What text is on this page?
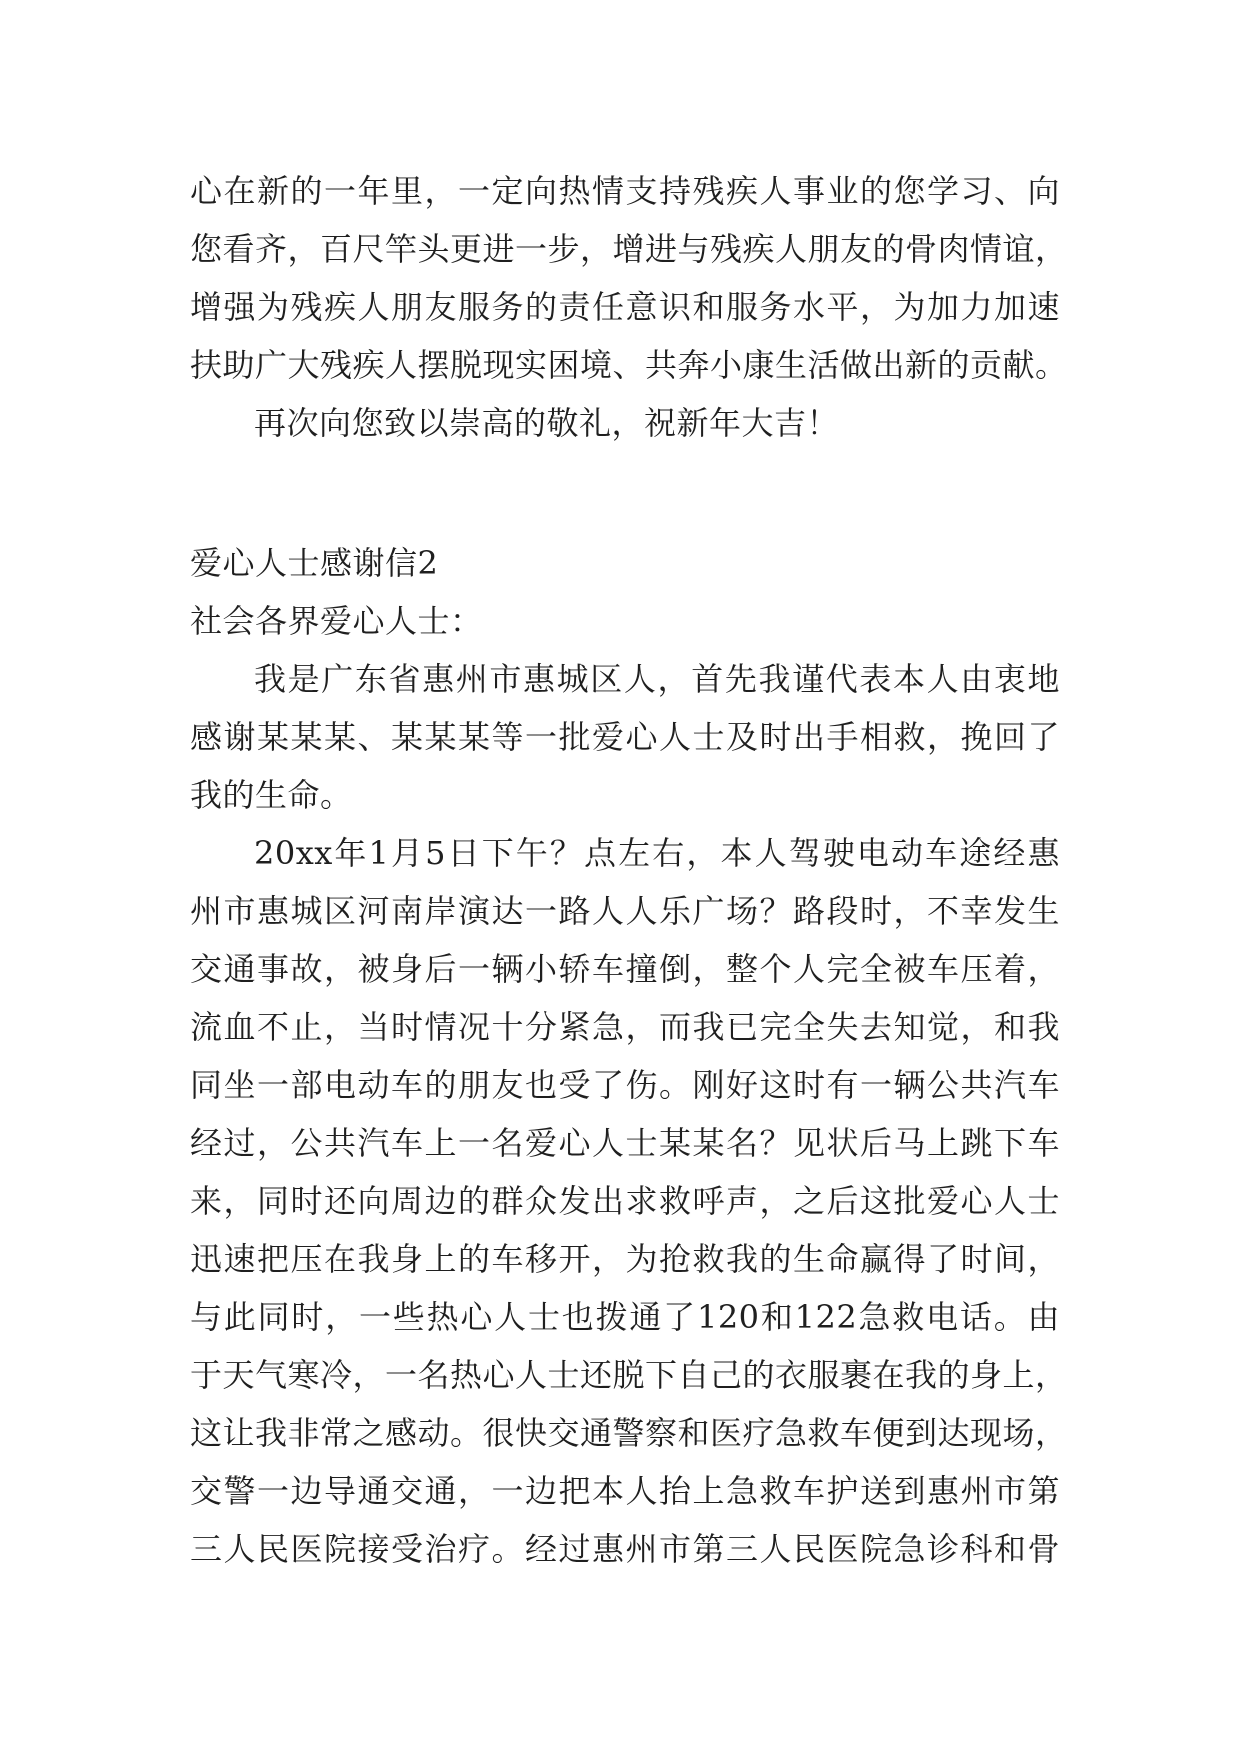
心在新的一年里，一定向热情支持残疾人事业的您学习、向
您看齐，百尺竿头更进一步，增进与残疾人朋友的骨肉情谊，
增强为残疾人朋友服务的责任意识和服务水平，为加力加速
扶助广大残疾人摆脱现实困境、共奔小康生活做出新的贡献。
再次向您致以崇高的敬礼，祝新年大吉！
爱心人士感谢信2
社会各界爱心人士：
我是广东省惠州市惠城区人，首先我谨代表本人由衷地
感谢某某某、某某某等一批爱心人士及时出手相救，挽回了
我的生命。
20xx年1月5日下午？点左右，本人驾驶电动车途经惠
州市惠城区河南岸演达一路人人乐广场？路段时，不幸发生
交通事故，被身后一辆小轿车撞倒，整个人完全被车压着，
流血不止，当时情况十分紧急，而我已完全失去知觉，和我
同坐一部电动车的朋友也受了伤。刚好这时有一辆公共汽车
经过，公共汽车上一名爱心人士某某名？见状后马上跳下车
来，同时还向周边的群众发出求救呼声，之后这批爱心人士
迅速把压在我身上的车移开，为抢救我的生命赢得了时间，
与此同时，一些热心人士也拨通了120和122急救电话。由
于天气寒冷，一名热心人士还脱下自己的衣服裹在我的身上，
这让我非常之感动。很快交通警察和医疗急救车便到达现场，
交警一边导通交通，一边把本人抬上急救车护送到惠州市第
三人民医院接受治疗。经过惠州市第三人民医院急诊科和骨
